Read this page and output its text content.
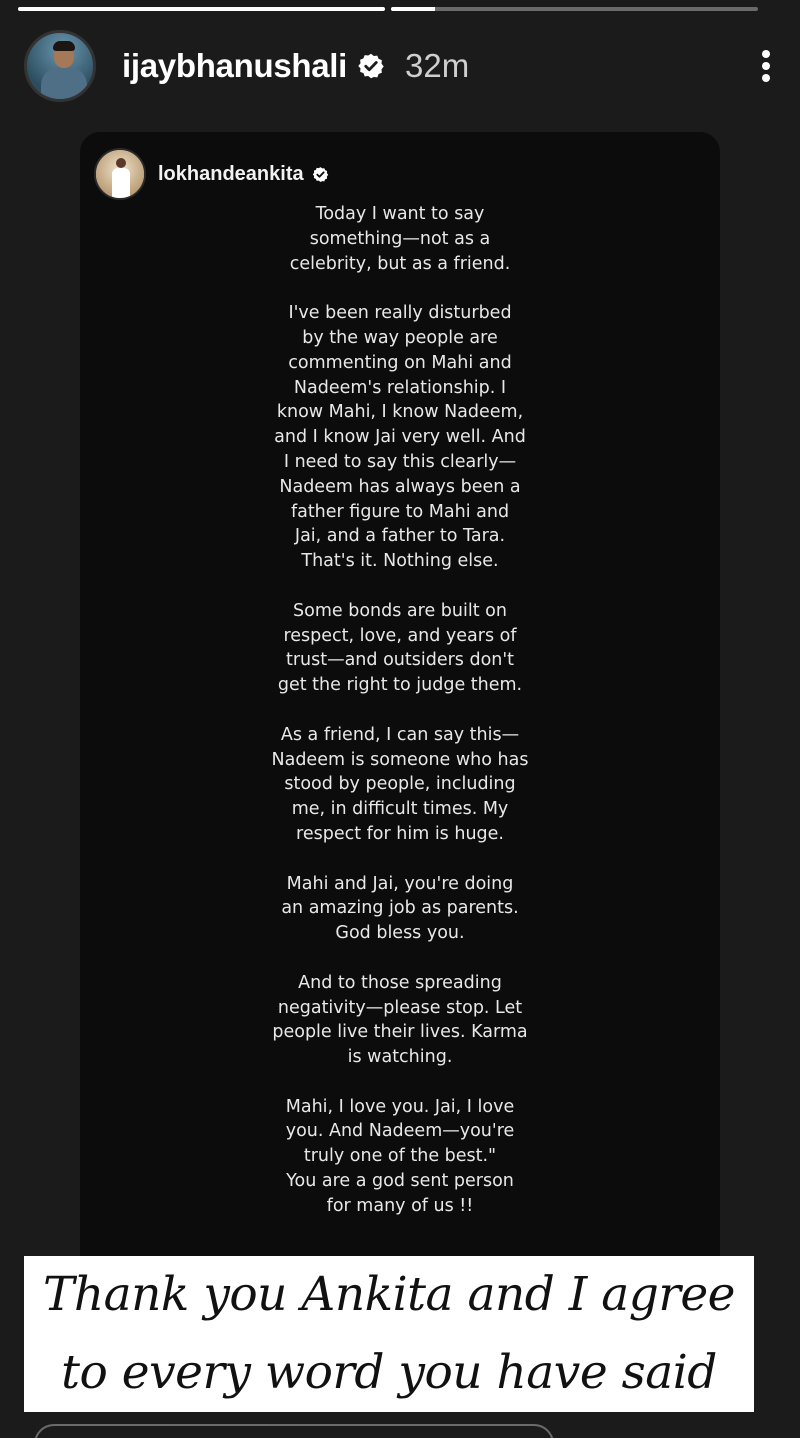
ijaybhanushali 32m
lokhandeankita

Today I want to say
something—not as a
celebrity, but as a friend.

I've been really disturbed
by the way people are
commenting on Mahi and
Nadeem's relationship. I
know Mahi, I know Nadeem,
and I know Jai very well. And
I need to say this clearly—
Nadeem has always been a
father figure to Mahi and
Jai, and a father to Tara.
That's it. Nothing else.

Some bonds are built on
respect, love, and years of
trust—and outsiders don't
get the right to judge them.

As a friend, I can say this—
Nadeem is someone who has
stood by people, including
me, in difficult times. My
respect for him is huge.

Mahi and Jai, you're doing
an amazing job as parents.
God bless you.

And to those spreading
negativity—please stop. Let
people live their lives. Karma
is watching.

Mahi, I love you. Jai, I love
you. And Nadeem—you're
truly one of the best."
You are a god sent person
for many of us !!

Thank you Ankita and I agree
to every word you have said
